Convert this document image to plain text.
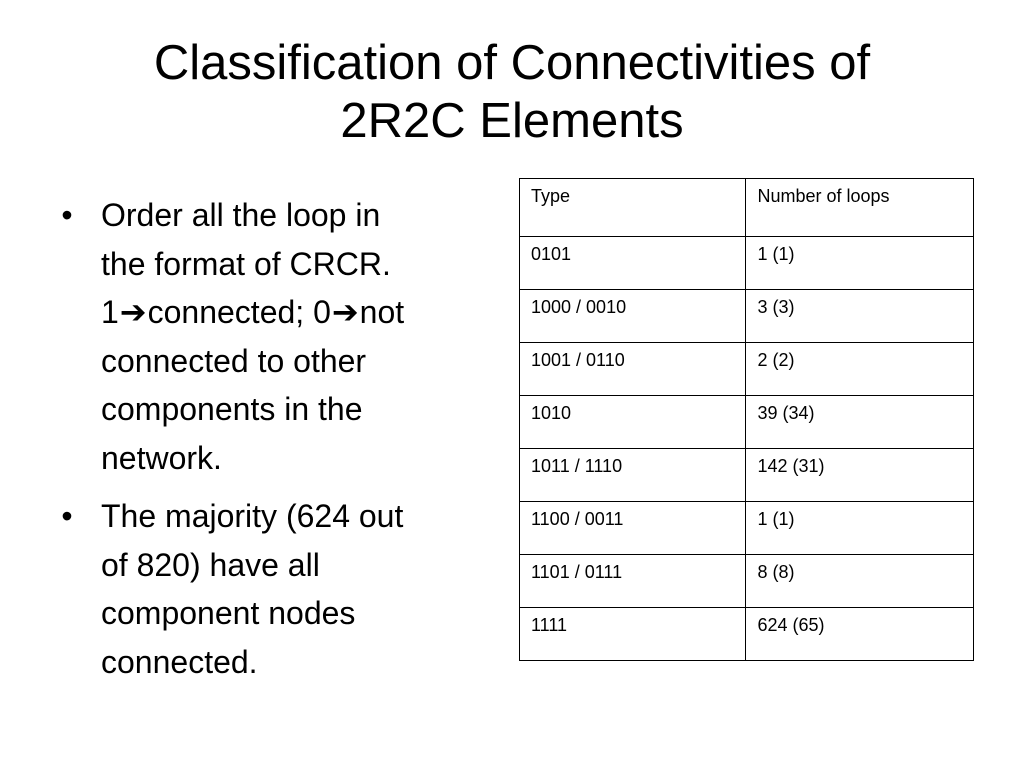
Classification of Connectivities of
2R2C Elements
• Order all the loop in
the format of CRCR.
1➔connected; 0➔not
connected to other
components in the
network.
• The majority (624 out
of 820) have all
component nodes
connected.
Type	Number of loops
0101	1 (1)
1000 / 0010	3 (3)
1001 / 0110	2 (2)
1010	39 (34)
1011 / 1110	142 (31)
1100 / 0011	1 (1)
1101 / 0111	8 (8)
1111	624 (65)
